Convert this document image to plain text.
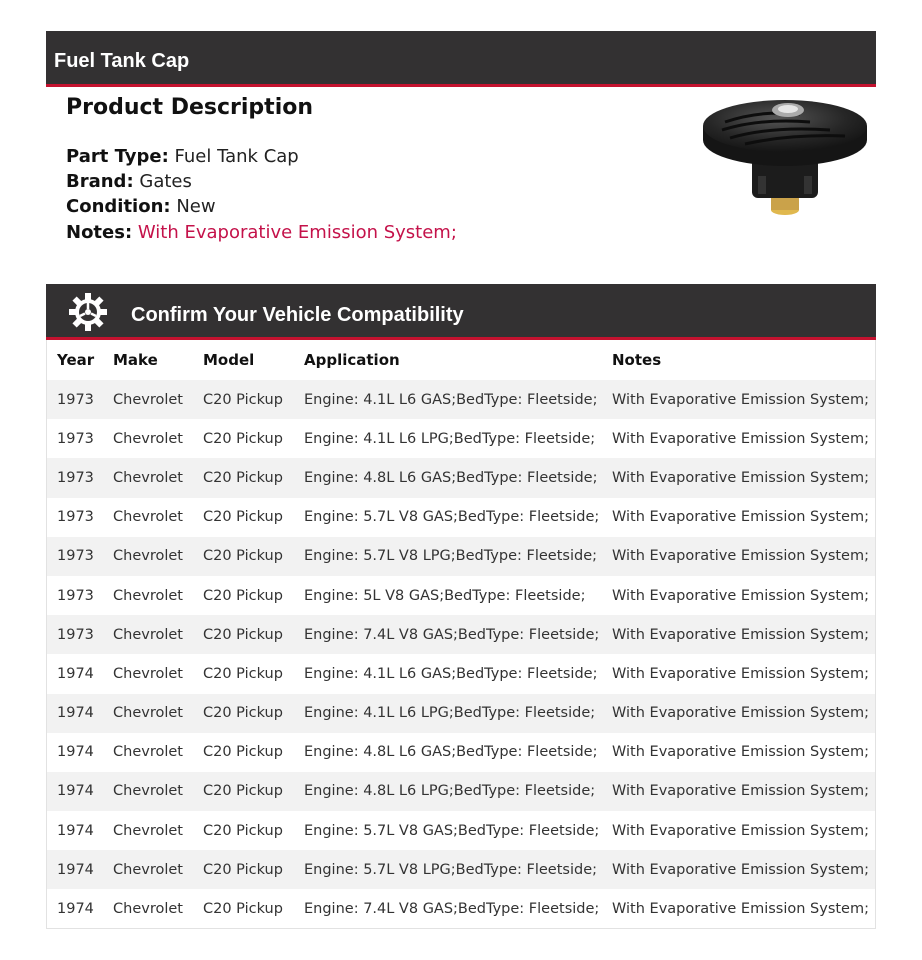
Fuel Tank Cap
Product Description
Part Type: Fuel Tank Cap
Brand: Gates
Condition: New
Notes: With Evaporative Emission System;
Confirm Your Vehicle Compatibility
Year	Make	Model	Application	Notes
1973	Chevrolet	C20 Pickup	Engine: 4.1L L6 GAS;BedType: Fleetside;	With Evaporative Emission System;
1973	Chevrolet	C20 Pickup	Engine: 4.1L L6 LPG;BedType: Fleetside;	With Evaporative Emission System;
1973	Chevrolet	C20 Pickup	Engine: 4.8L L6 GAS;BedType: Fleetside;	With Evaporative Emission System;
1973	Chevrolet	C20 Pickup	Engine: 5.7L V8 GAS;BedType: Fleetside;	With Evaporative Emission System;
1973	Chevrolet	C20 Pickup	Engine: 5.7L V8 LPG;BedType: Fleetside;	With Evaporative Emission System;
1973	Chevrolet	C20 Pickup	Engine: 5L V8 GAS;BedType: Fleetside;	With Evaporative Emission System;
1973	Chevrolet	C20 Pickup	Engine: 7.4L V8 GAS;BedType: Fleetside;	With Evaporative Emission System;
1974	Chevrolet	C20 Pickup	Engine: 4.1L L6 GAS;BedType: Fleetside;	With Evaporative Emission System;
1974	Chevrolet	C20 Pickup	Engine: 4.1L L6 LPG;BedType: Fleetside;	With Evaporative Emission System;
1974	Chevrolet	C20 Pickup	Engine: 4.8L L6 GAS;BedType: Fleetside;	With Evaporative Emission System;
1974	Chevrolet	C20 Pickup	Engine: 4.8L L6 LPG;BedType: Fleetside;	With Evaporative Emission System;
1974	Chevrolet	C20 Pickup	Engine: 5.7L V8 GAS;BedType: Fleetside;	With Evaporative Emission System;
1974	Chevrolet	C20 Pickup	Engine: 5.7L V8 LPG;BedType: Fleetside;	With Evaporative Emission System;
1974	Chevrolet	C20 Pickup	Engine: 7.4L V8 GAS;BedType: Fleetside;	With Evaporative Emission System;
